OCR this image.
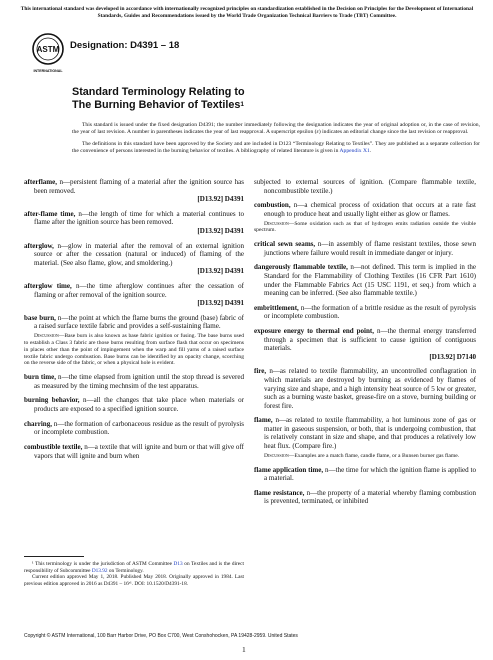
This international standard was developed in accordance with internationally recognized principles on standardization established in the Decision on Principles for the Development of International Standards, Guides and Recommendations issued by the World Trade Organization Technical Barriers to Trade (TBT) Committee.
ASTM
INTERNATIONAL
Designation: D4391 – 18
Standard Terminology Relating to
The Burning Behavior of Textiles$^1$

This standard is issued under the fixed designation D4391; the number immediately following the designation indicates the year of original adoption or, in the case of revision, the year of last revision. A number in parentheses indicates the year of last reapproval. A superscript epsilon (ε) indicates an editorial change since the last revision or reapproval.

The definitions in this standard have been approved by the Society and are included in D123 “Terminology Relating to Textiles”. They are published as a separate collection for the convenience of persons interested in the burning behavior of textiles. A bibliography of related literature is given in Appendix X1.

afterflame, n—persistent flaming of a material after the ignition source has been removed.

[D13.92] D4391

after-flame time, n—the length of time for which a material continues to flame after the ignition source has been removed.

[D13.92] D4391

afterglow, n—glow in material after the removal of an external ignition source or after the cessation (natural or induced) of flaming of the material. (See also flame, glow, and smoldering.)

[D13.92] D4391

afterglow time, n—the time afterglow continues after the cessation of flaming or after removal of the ignition source.

[D13.92] D4391

base burn, n—the point at which the flame burns the ground (base) fabric of a raised surface textile fabric and provides a self-sustaining flame.

Discussion—Base burn is also known as base fabric ignition or fusing. The base burns used to establish a Class 3 fabric are those burns resulting from surface flash that occur on specimens in places other than the point of impingement when the warp and fill yarns of a raised surface textile fabric undergo combustion. Base burns can be identified by an opacity change, scorching on the reverse side of the fabric, or when a physical hole is evident.

burn time, n—the time elapsed from ignition until the stop thread is severed as measured by the timing mechnsim of the test apparatus.

burning behavior, n—all the changes that take place when materials or products are exposed to a specified ignition source.

charring, n—the formation of carbonaceous residue as the result of pyrolysis or incomplete combustion.

combustible textile, n—a textile that will ignite and burn or that will give off vapors that will ignite and burn when

subjected to external sources of ignition. (Compare flammable textile, noncombustible textile.)

combustion, n—a chemical process of oxidation that occurs at a rate fast enough to produce heat and usually light either as glow or flames.

Discussion—Some oxidation such as that of hydrogen emits radiation outside the visible spectrum.

critical sewn seams, n—in assembly of flame resistant textiles, those sewn junctions where failure would result in immediate danger or injury.

dangerously flammable textile, n—not defined. This term is implied in the Standard for the Flammability of Clothing Textiles (16 CFR Part 1610) under the Flammable Fabrics Act (15 USC 1191, et seq.) from which a meaning can be inferred. (See also flammable textile.)

embrittlement, n—the formation of a brittle residue as the result of pyrolysis or incomplete combustion.

exposure energy to thermal end point, n—the thermal energy transferred through a specimen that is sufficient to cause ignition of contiguous materials.

[D13.92] D7140

fire, n—as related to textile flammability, an uncontrolled conflagration in which materials are destroyed by burning as evidenced by flames of varying size and shape, and a high intensity heat source of 5 kw or greater, such as a burning waste basket, grease-fire on a stove, burning building or forest fire.

flame, n—as related to textile flammability, a hot luminous zone of gas or matter in gaseous suspension, or both, that is undergoing combustion, that is relatively constant in size and shape, and that produces a relatively low heat flux. (Compare fire.)

Discussion—Examples are a match flame, candle flame, or a Bunsen burner gas flame.

flame application time, n—the time for which the ignition flame is applied to a material.

flame resistance, n—the property of a material whereby flaming combustion is prevented, terminated, or inhibited

¹ This terminology is under the jurisdiction of ASTM Committee D13 on Textiles and is the direct responsibility of Subcommittee D13.92 on Terminology.

Current edition approved May 1, 2018. Published May 2018. Originally approved in 1984. Last previous edition approved in 2016 as D4391 – 16ᵉ¹. DOI: 10.1520/D4391-18.

Copyright © ASTM International, 100 Barr Harbor Drive, PO Box C700, West Conshohocken, PA 19428-2959. United States
1
